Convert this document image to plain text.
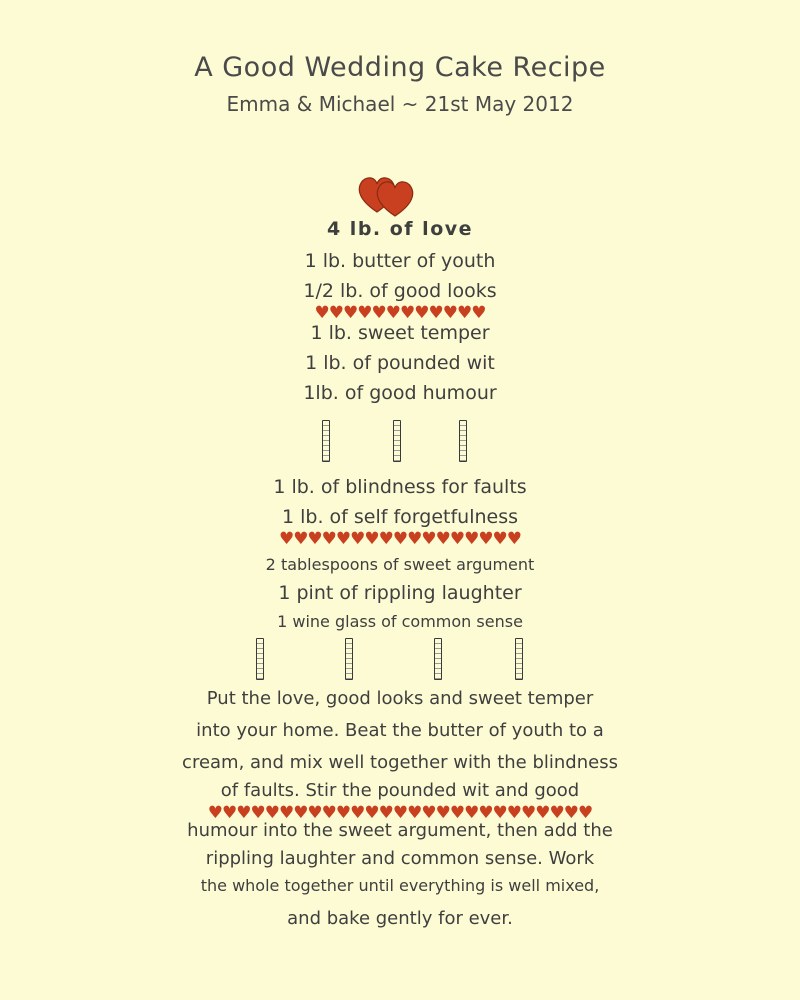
A Good Wedding Cake Recipe
Emma & Michael ~ 21st May 2012
4 lb. of love
1 lb. butter of youth
1/2 lb. of good looks
♥♥♥♥♥♥♥♥♥♥♥♥
1 lb. sweet temper
1 lb. of pounded wit
1lb. of good humour
1 lb. of blindness for faults
1 lb. of self forgetfulness
♥♥♥♥♥♥♥♥♥♥♥♥♥♥♥♥♥
2 tablespoons of sweet argument
1 pint of rippling laughter
1 wine glass of common sense
Put the love, good looks and sweet temper
into your home. Beat the butter of youth to a
cream, and mix well together with the blindness
of faults. Stir the pounded wit and good
♥♥♥♥♥♥♥♥♥♥♥♥♥♥♥♥♥♥♥♥♥♥♥♥♥♥♥
humour into the sweet argument, then add the
rippling laughter and common sense. Work
the whole together until everything is well mixed,
and bake gently for ever.
